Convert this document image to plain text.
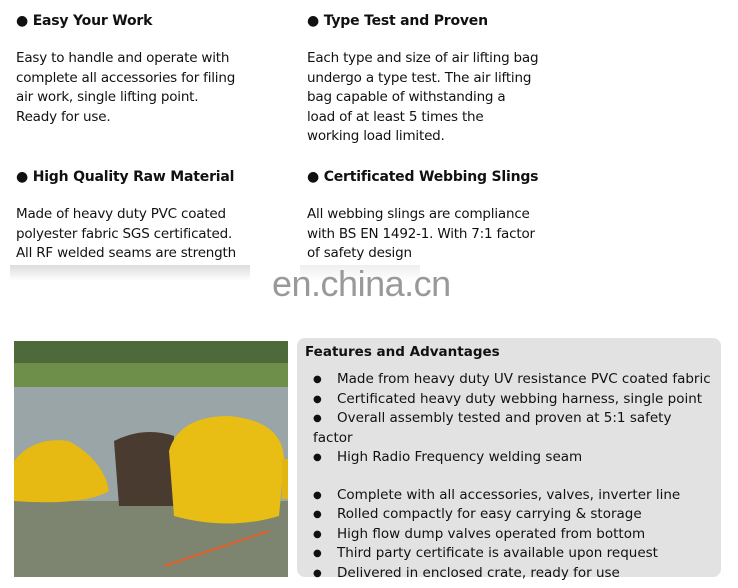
● Easy Your Work

Easy to handle and operate with

complete all accessories for filing

air work, single lifting point.

Ready for use.

● Type Test and Proven

Each type and size of air lifting bag

undergo a type test. The air lifting

bag capable of withstanding a

load of at least 5 times the

working load limited.

● High Quality Raw Material

Made of heavy duty PVC coated

polyester fabric SGS certificated.

All RF welded seams are strength

● Certificated Webbing Slings

All webbing slings are compliance

with BS EN 1492-1. With 7:1 factor

of safety design

en.china.cn
Features and Advantages
● Made from heavy duty UV resistance PVC coated fabric
● Certificated heavy duty webbing harness, single point
● Overall assembly tested and proven at 5:1 safety factor
● High Radio Frequency welding seam
● Complete with all accessories, valves, inverter line
● Rolled compactly for easy carrying & storage
● High flow dump valves operated from bottom
● Third party certificate is available upon request
● Delivered in enclosed crate, ready for use
